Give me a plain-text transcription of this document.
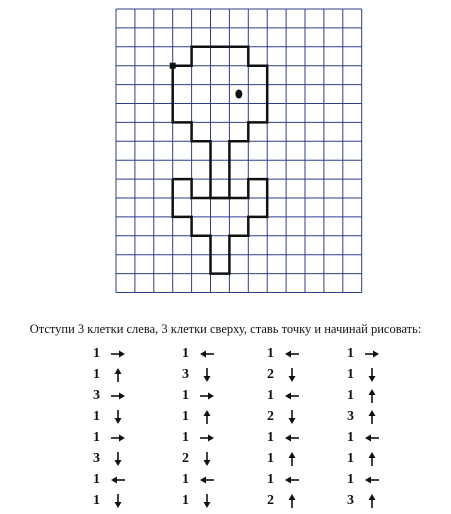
Отступи 3 клетки слева, 3 клетки сверху, ставь точку и начинай рисовать:
1
1
3
1
1
3
1
1
1
3
1
1
1
2
1
1
1
2
1
2
1
1
1
2
1
1
1
3
1
1
1
3
